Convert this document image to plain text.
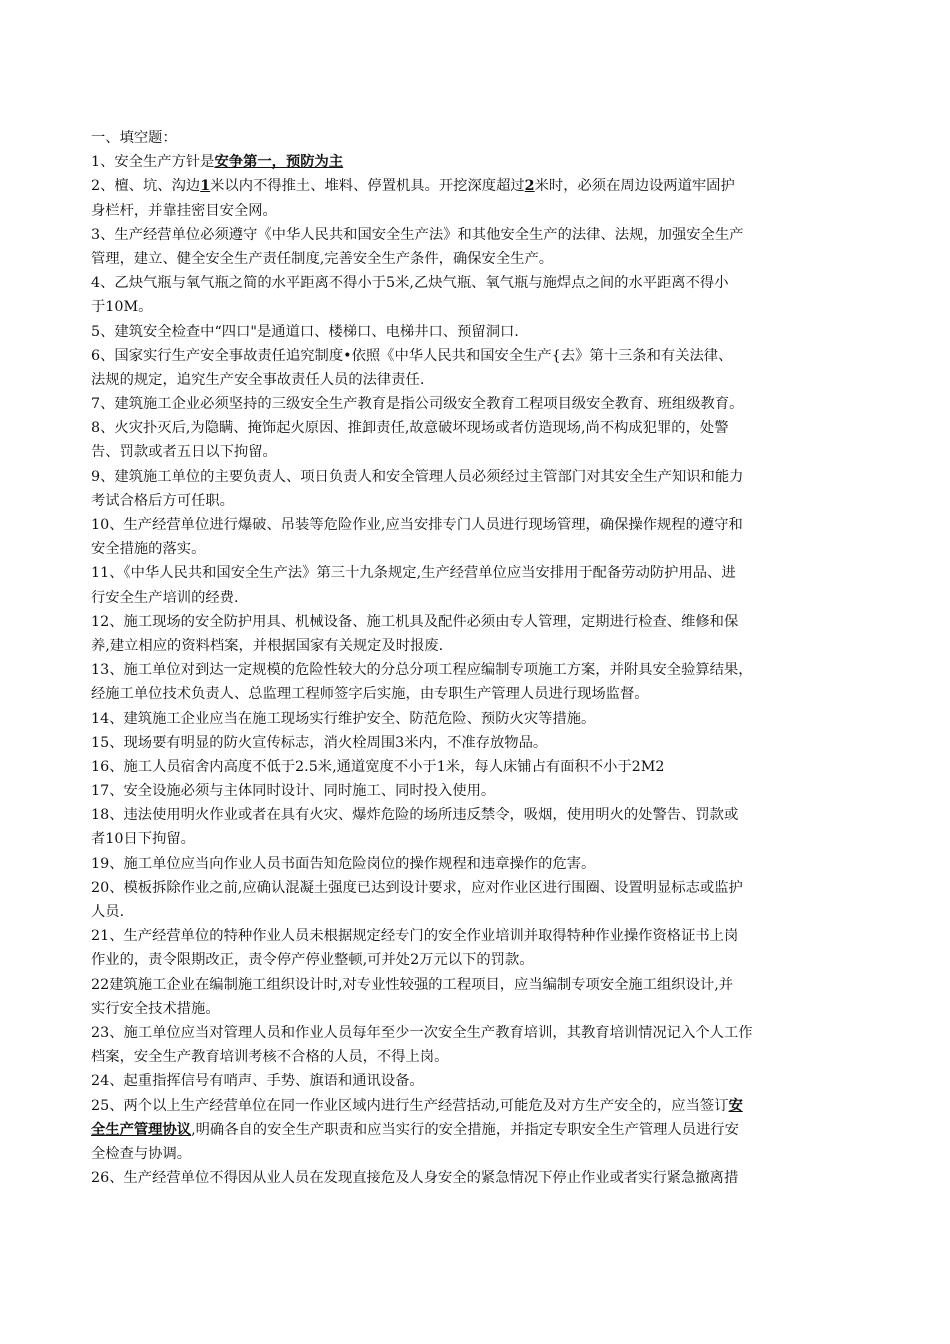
一、填空题：
1、安全生产方针是安争第一，预防为主
2、檀、坑、沟边1米以内不得推土、堆料、停置机具。开挖深度超过2米时，必须在周边设两道牢固护
身栏杆，并靠挂密目安全网。
3、生产经营单位必须遵守《中华人民共和国安全生产法》和其他安全生产的法律、法规，加强安全生产
管理，建立、健全安全生产责任制度,完善安全生产条件，确保安全生产。
4、乙炔气瓶与氧气瓶之简的水平距离不得小于5米,乙炔气瓶、氧气瓶与施焊点之间的水平距离不得小
于10M。
5、建筑安全检查中“四口"是通道口、楼梯口、电梯井口、预留洞口.
6、国家实行生产安全事故责任追究制度•依照《中华人民共和国安全生产{去》第十三条和有关法律、
法规的规定，追究生产安全事故责任人员的法律责任.
7、建筑施工企业必须坚持的三级安全生产教育是指公司级安全教育工程项目级安全教育、班组级教育。
8、火灾扑灭后,为隐瞒、掩饰起火原因、推卸责任,故意破坏现场或者仿造现场,尚不构成犯罪的，处警
告、罚款或者五日以下拘留。
9、建筑施工单位的主要负责人、项日负责人和安全管理人员必须经过主管部门对其安全生产知识和能力
考试合格后方可任职。
10、生产经营单位进行爆破、吊装等危险作业,应当安排专门人员进行现场管理，确保操作规程的遵守和
安全措施的落实。
11、《中华人民共和国安全生产法》第三十九条规定,生产经营单位应当安排用于配备劳动防护用品、进
行安全生产培训的经费.
12、施工现场的安全防护用具、机械设备、施工机具及配件必须由专人管理，定期进行检查、维修和保
养,建立相应的资料档案，并根据国家有关规定及时报废.
13、施工单位对到达一定规模的危险性较大的分总分项工程应编制专项施工方案，并附具安全验算结果，
经施工单位技术负责人、总监理工程师签字后实施，由专职生产管理人员进行现场监督。
14、建筑施工企业应当在施工现场实行维护安全、防范危险、预防火灾等措施。
15、现场要有明显的防火宣传标志，消火栓周围3米内，不准存放物品。
16、施工人员宿舍内高度不低于2.5米,通道宽度不小于1米，每人床铺占有面积不小于2M2
17、安全设施必须与主体同时设计、同时施工、同时投入使用。
18、违法使用明火作业或者在具有火灾、爆炸危险的场所违反禁令，吸烟，使用明火的处警告、罚款或
者10日下拘留。
19、施工单位应当向作业人员书面告知危险岗位的操作规程和违章操作的危害。
20、模板拆除作业之前,应确认混凝土强度已达到设计要求，应对作业区进行围圈、设置明显标志或监护
人员.
21、生产经营单位的特种作业人员未根据规定经专门的安全作业培训并取得特种作业操作资格证书上岗
作业的，责令限期改正，责令停产停业整顿,可并处2万元以下的罚款。
22建筑施工企业在编制施工组织设计时,对专业性较强的工程项目，应当编制专项安全施工组织设计,并
实行安全技术措施。
23、施工单位应当对管理人员和作业人员每年至少一次安全生产教育培训，其教育培训情况记入个人工作
档案，安全生产教育培训考核不合格的人员，不得上岗。
24、起重指挥信号有哨声、手势、旗语和通讯设备。
25、两个以上生产经营单位在同一作业区域内进行生产经营括动,可能危及对方生产安全的，应当签订安
全生产管理协议,明确各自的安全生产职责和应当实行的安全措施，并指定专职安全生产管理人员进行安
全检查与协调。
26、生产经营单位不得因从业人员在发现直接危及人身安全的紧急情况下停止作业或者实行紧急撤离措
